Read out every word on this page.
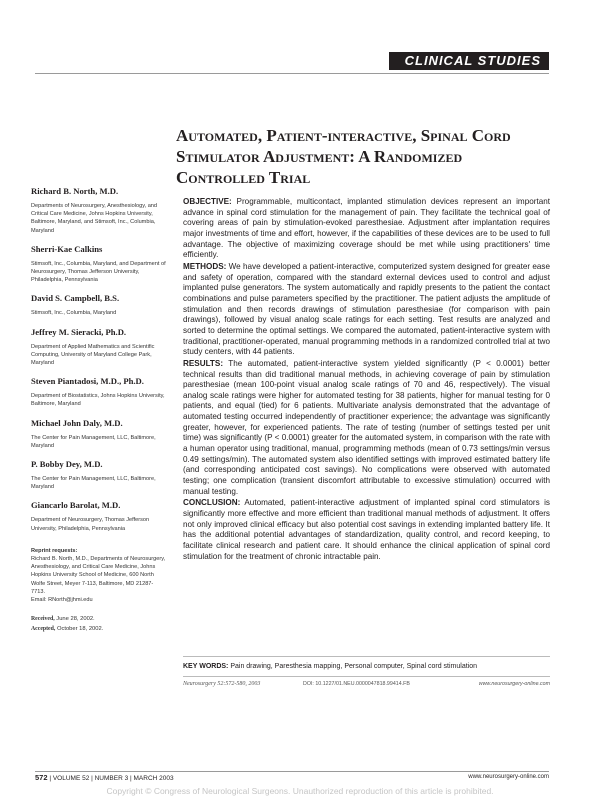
CLINICAL STUDIES
Automated, Patient-interactive, Spinal Cord Stimulator Adjustment: A Randomized Controlled Trial
Richard B. North, M.D.
Departments of Neurosurgery, Anesthesiology, and Critical Care Medicine, Johns Hopkins University, Baltimore, Maryland, and Stimsoft, Inc., Columbia, Maryland
Sherri-Kae Calkins
Stimsoft, Inc., Columbia, Maryland, and Department of Neurosurgery, Thomas Jefferson University, Philadelphia, Pennsylvania
David S. Campbell, B.S.
Stimsoft, Inc., Columbia, Maryland
Jeffrey M. Sieracki, Ph.D.
Department of Applied Mathematics and Scientific Computing, University of Maryland College Park, Maryland
Steven Piantadosi, M.D., Ph.D.
Department of Biostatistics, Johns Hopkins University, Baltimore, Maryland
Michael John Daly, M.D.
The Center for Pain Management, LLC, Baltimore, Maryland
P. Bobby Dey, M.D.
The Center for Pain Management, LLC, Baltimore, Maryland
Giancarlo Barolat, M.D.
Department of Neurosurgery, Thomas Jefferson University, Philadelphia, Pennsylvania
Reprint requests:
Richard B. North, M.D., Departments of Neurosurgery, Anesthesiology, and Critical Care Medicine, Johns Hopkins University School of Medicine, 600 North Wolfe Street, Meyer 7-113, Baltimore, MD 21287-7713.
Email: RNorth@jhmi.edu
Received, June 28, 2002.
Accepted, October 18, 2002.

OBJECTIVE: Programmable, multicontact, implanted stimulation devices represent an important advance in spinal cord stimulation for the management of pain. They facilitate the technical goal of covering areas of pain by stimulation-evoked paresthesiae. Adjustment after implantation requires major investments of time and effort, however, if the capabilities of these devices are to be used to full advantage. The objective of maximizing coverage should be met while using practitioners' time efficiently.

METHODS: We have developed a patient-interactive, computerized system designed for greater ease and safety of operation, compared with the standard external devices used to control and adjust implanted pulse generators. The system automatically and rapidly presents to the patient the contact combinations and pulse parameters specified by the practitioner. The patient adjusts the amplitude of stimulation and then records drawings of stimulation paresthesiae (for comparison with pain drawings), followed by visual analog scale ratings for each setting. Test results are analyzed and sorted to determine the optimal settings. We compared the automated, patient-interactive system with traditional, practitioner-operated, manual programming methods in a randomized controlled trial at two study centers, with 44 patients.

RESULTS: The automated, patient-interactive system yielded significantly (P < 0.0001) better technical results than did traditional manual methods, in achieving coverage of pain by stimulation paresthesiae (mean 100-point visual analog scale ratings of 70 and 46, respectively). The visual analog scale ratings were higher for automated testing for 38 patients, higher for manual testing for 0 patients, and equal (tied) for 6 patients. Multivariate analysis demonstrated that the advantage of automated testing occurred independently of practitioner experience; the advantage was significantly greater, however, for experienced patients. The rate of testing (number of settings tested per unit time) was significantly (P < 0.0001) greater for the automated system, in comparison with the rate with a human operator using traditional, manual, programming methods (mean of 0.73 settings/min versus 0.49 settings/min). The automated system also identified settings with improved estimated battery life (and corresponding anticipated cost savings). No complications were observed with automated testing; one complication (transient discomfort attributable to excessive stimulation) occurred with manual testing.

CONCLUSION: Automated, patient-interactive adjustment of implanted spinal cord stimulators is significantly more effective and more efficient than traditional manual methods of adjustment. It offers not only improved clinical efficacy but also potential cost savings in extending implanted battery life. It has the additional potential advantages of standardization, quality control, and record keeping, to facilitate clinical research and patient care. It should enhance the clinical application of spinal cord stimulation for the treatment of chronic intractable pain.

KEY WORDS: Pain drawing, Paresthesia mapping, Personal computer, Spinal cord stimulation
Neurosurgery 52:572-580, 2003	DOI: 10.1227/01.NEU.0000047818.99414.FB	www.neurosurgery-online.com
572 | VOLUME 52 | NUMBER 3 | MARCH 2003	www.neurosurgery-online.com
Copyright © Congress of Neurological Surgeons. Unauthorized reproduction of this article is prohibited.
